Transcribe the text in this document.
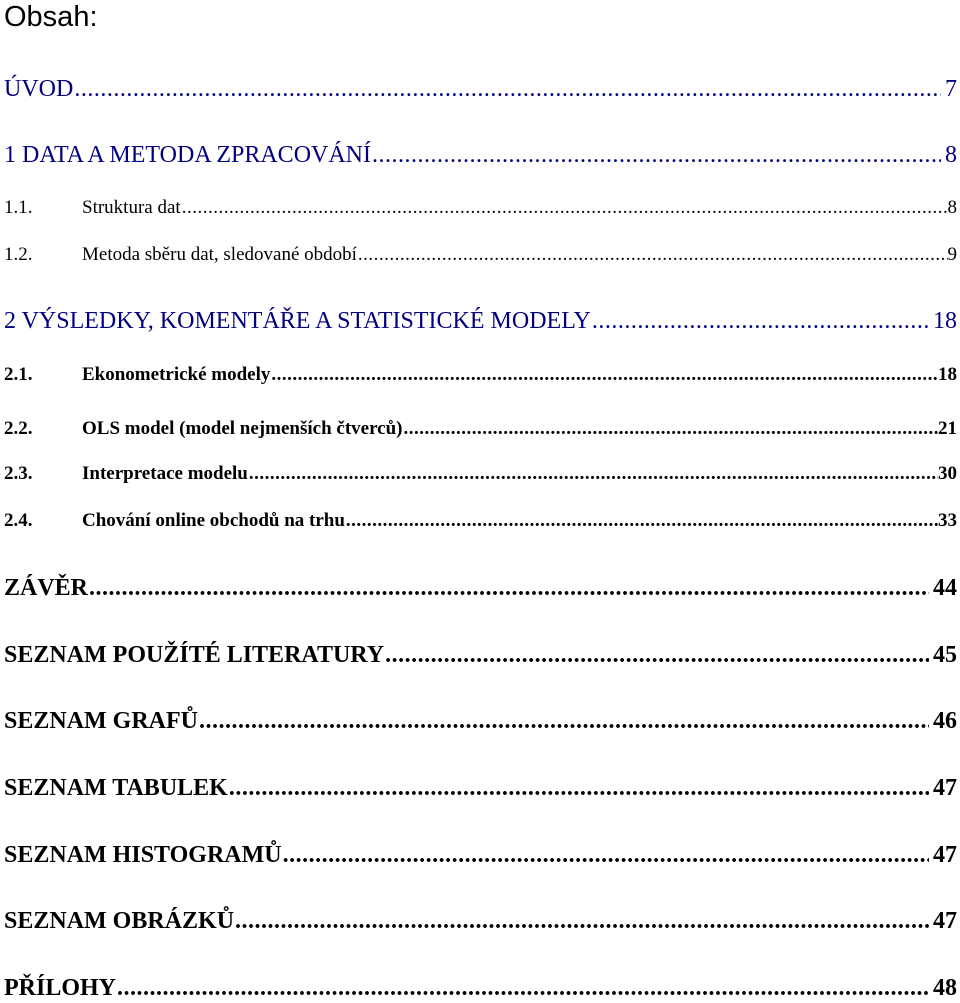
Obsah:
ÚVOD .....	7
1 DATA A METODA ZPRACOVÁNÍ .....	8
1.1.	Struktura dat .....	8
1.2.	Metoda sběru dat, sledované období .....	9
2 VÝSLEDKY, KOMENTÁŘE A STATISTICKÉ MODELY .....	18
2.1.	Ekonometrické modely .....	18
2.2.	OLS model (model nejmenších čtverců) .....	21
2.3.	Interpretace modelu .....	30
2.4.	Chování online obchodů na trhu .....	33
ZÁVĚR .....	44
SEZNAM POUŽÍTÉ LITERATURY .....	45
SEZNAM GRAFŮ .....	46
SEZNAM TABULEK .....	47
SEZNAM HISTOGRAMŮ .....	47
SEZNAM OBRÁZKŮ .....	47
PŘÍLOHY .....	48
